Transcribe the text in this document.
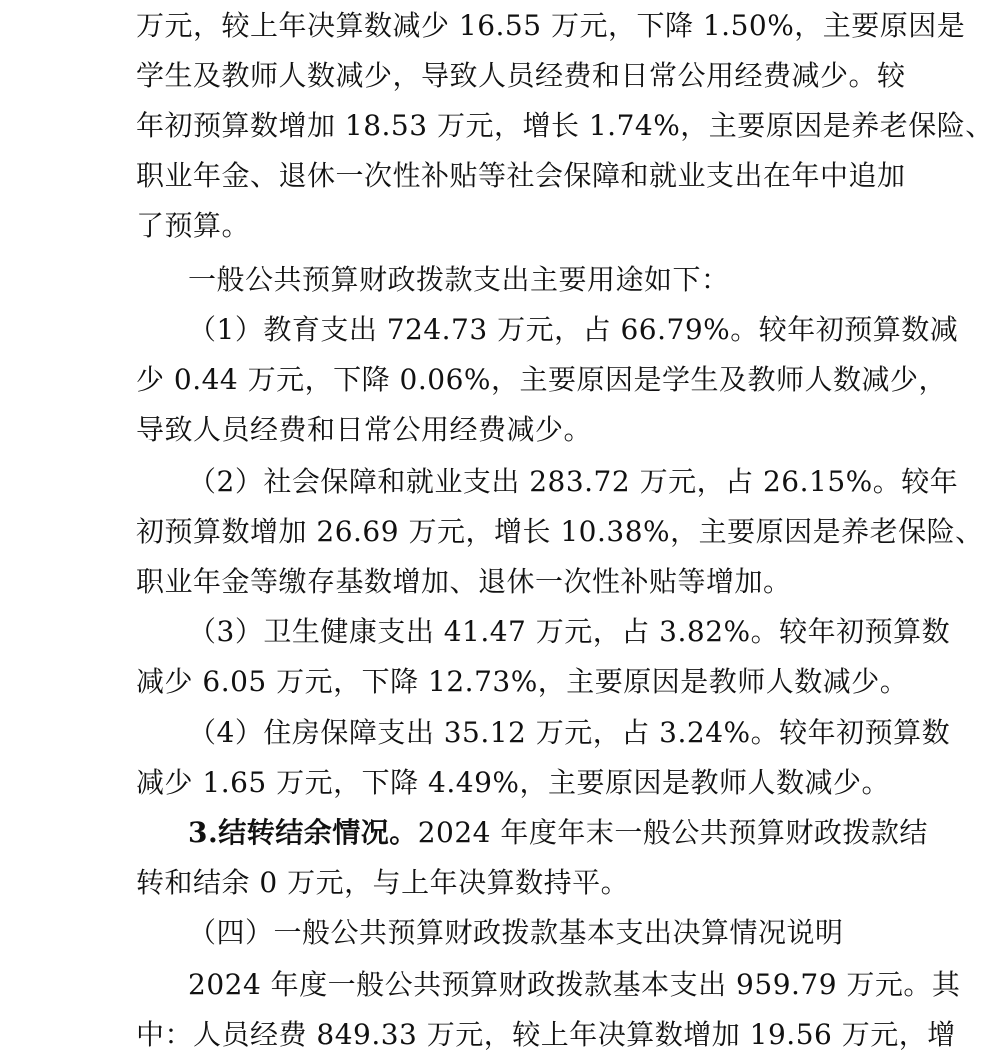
万元，较上年决算数减少 16.55 万元，下降 1.50%，主要原因是
学生及教师人数减少，导致人员经费和日常公用经费减少。较
年初预算数增加 18.53 万元，增长 1.74%，主要原因是养老保险、
职业年金、退休一次性补贴等社会保障和就业支出在年中追加
了预算。
一般公共预算财政拨款支出主要用途如下：
（1）教育支出 724.73 万元，占 66.79%。较年初预算数减
少 0.44 万元，下降 0.06%，主要原因是学生及教师人数减少，
导致人员经费和日常公用经费减少。
（2）社会保障和就业支出 283.72 万元，占 26.15%。较年
初预算数增加 26.69 万元，增长 10.38%，主要原因是养老保险、
职业年金等缴存基数增加、退休一次性补贴等增加。
（3）卫生健康支出 41.47 万元，占 3.82%。较年初预算数
减少 6.05 万元，下降 12.73%，主要原因是教师人数减少。
（4）住房保障支出 35.12 万元，占 3.24%。较年初预算数
减少 1.65 万元，下降 4.49%，主要原因是教师人数减少。
3.结转结余情况。2024 年度年末一般公共预算财政拨款结
转和结余 0 万元，与上年决算数持平。
（四）一般公共预算财政拨款基本支出决算情况说明
2024 年度一般公共预算财政拨款基本支出 959.79 万元。其
中：人员经费 849.33 万元，较上年决算数增加 19.56 万元，增
